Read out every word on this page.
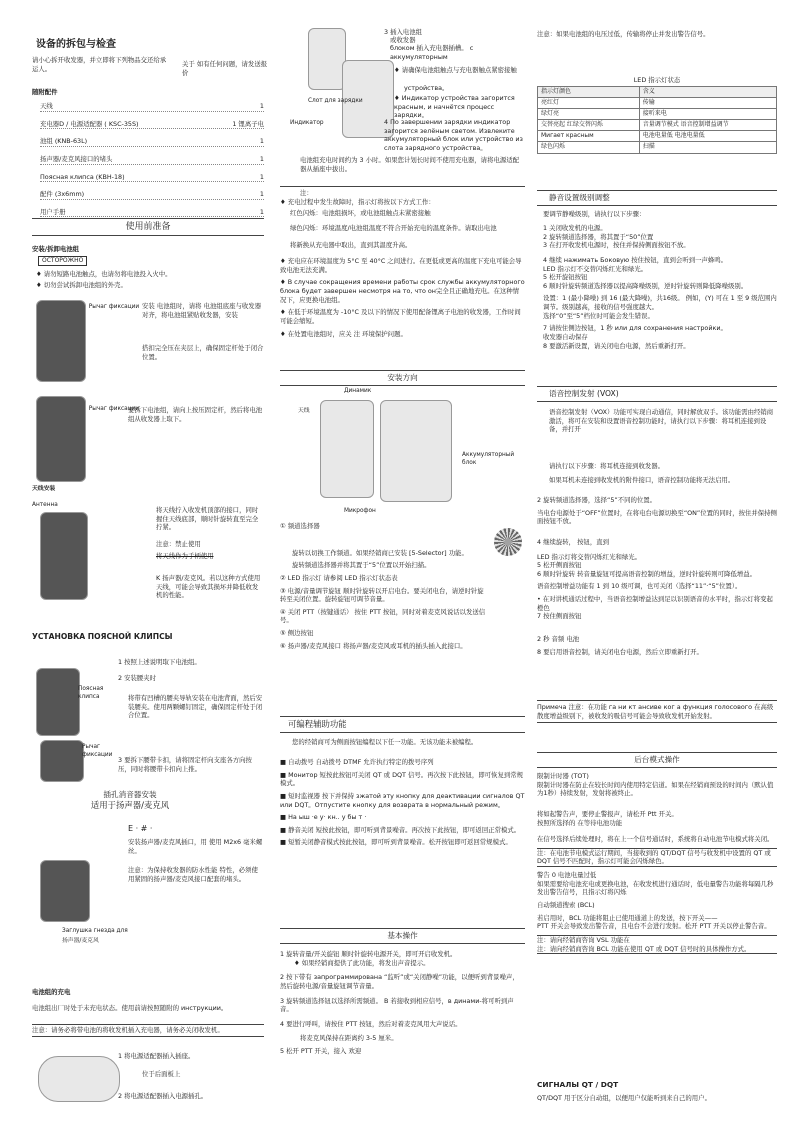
设备的拆包与检查
请小心拆开收发器，并立即将下列物品交还给承运人。
关于 如有任何问题，请发送报价
随附配件
天线	1
充电器D / 电源适配器 ( KSC-35S)	1 锂离子电
池组 (KNB-63L)	1
扬声器/麦克风接口的堵头	1
Поясная клипса (KBH-18)	1
配件 (3x6mm)	1
用户手册	1
使用前准备
安装/拆卸电池组
ОСТОРОЖНО
♦ 请勿短路电池触点，也请勿将电池投入火中。
♦ 切勿尝试拆卸电池组的外壳。
Рычаг фиксации 安装 电池组时，请将 电池组底座与收发器对齐，将电池组紧贴收发器，安装
搭扣完全压在夹层上，确保固定杆处于闭合位置。
Рычаг фиксации
要拆下电池组，请向上按压固定杆，然后将电池组从收发器上取下。
天线安装
Антенна
将天线拧入收发机顶部的接口，同时握住天线底部，顺时针旋转直至完全拧紧。
注意：禁止使用
将天线作为手柄使用
K 扬声器/麦克风。若以这种方式使用天线，可能会导致其损坏并降低收发机的性能。
УСТАНОВКА ПОЯСНОЙ КЛИПСЫ
1 按照上述说明取下电池组。
2 安装腰夹时
Поясная клипса	将带有凹槽的腰夹导轨安装在电池背面，然后安装腰夹。使用两颗螺钉固定，确保固定杆处于闭合位置。
Рычаг фиксации
3 要拆下腰带卡扣，请将固定杆向支座各方向按压，同时将腰带卡扣向上推。
插孔消音器安装
适用于扬声器/麦克风
E · # ·
安装扬声器/麦克风插口，用 使用 M2x6 毫米螺丝。
注意：为保持收发器的防水性能 特性，必须使用紧固的扬声器/麦克风接口配套的堵头。
Заглушка гнезда для
扬声器/麦克风
电池组的充电
电池组出厂时处于未充电状态。使用前请按照随附的 инструкции。
注意：请务必将带电池的将收发机插入充电器，请务必关闭收发机。
1 将电源适配器插入插座。
位于后面板上
2 将电源适配器插入电源插孔。
3 插入电池组
或收发器
блоком 插入充电器插槽。 с аккумуляторным
Слот для зарядки
Индикатор
♦ 请确保电池组触点与充电器触点紧密接触
устройства。
♦ Индикатор устройства загорится красным, и начнётся процесс зарядки。
4 По завершении зарядки индикатор загорится зелёным светом. Извлеките аккумуляторный блок или устройство из слота зарядного устройства。
电池组充电时间约为 3 小时。如果您计划长时间不使用充电器，请将电源适配器从插座中拔出。
注：
♦ 充电过程中发生故障时，指示灯将按以下方式工作：
红色闪烁：电池组损坏，或电池组触点未紧密接触
绿色闪烁：环境温度/电池组温度不符合开始充电的温度条件。请取出电池
将新换从充电器中取出，直到其温度升高。
♦ 充电应在环境温度为 5°C 至 40°C 之间进行。在更低或更高的温度下充电可能会导致电池无法充满。
♦ В случае сокращения времени работы срок службы аккумуляторного блока будет завершен несмотря на то, что он完全且正确地充电。在这种情况下，应更换电池组。
♦ 在低于环境温度为 -10°C 及以下的情况下使用配备锂离子电池的收发器，工作时间可能会缩短。
♦ 在处置电池组时，应关 注 环境保护问题。
安装方向
Динамик
天线
Аккумуляторный блок
Микрофон
① 频道选择器
旋转以切换工作频道。如果经销商已安装 [5-Selector] 功能。
旋转频道选择器并将其置于“5”位置以开始扫描。
② LED 指示灯 请参阅 LED 指示灯状态表
③ 电源/音量调节旋钮 顺时针旋转以开启电台。要关闭电台，请逆时针旋转至关闭位置。旋转旋钮可调节音量。
④ 关闭 PTT（按键通话） 按住 PTT 按钮，同时对着麦克风说话以发送信号。
⑤ 侧边按钮
⑥ 扬声器/麦克风接口 将扬声器/麦克风或耳机的插头插入此接口。
可编程辅助功能
您的经销商可为侧面按钮编程以下任一功能。无该功能未被编程。
■ 自动拨号 自动拨号 DTMF 允许执行特定的拨号序列
■ Монитор 短按此按钮可关闭 QT 或 DQT 信号。再次按下此按钮，即可恢复到常规模式。
■ 短时监视器 按下并保持 зжатой эту кнопку для деактивации сигналов QT или DQT。Отпустите кнопку для возврата в нормальный режим。
■ На ыш ·е у· кн.. у бы т ·
■ 静音关闭 短按此按钮，即可听到背景噪音。再次按下此按钮，即可返回正常模式。
■ 短暂关闭静音模式按此按钮，即可听到背景噪音。松开按钮即可返回常规模式。
基本操作
1 旋转音量/开关旋钮 顺时针旋转电源开关，即可开启收发机。
♦ 如果经销商提供了此功能，将发出声音提示。
2 按下带有 запрограммирована “监听”或“关闭静噪”功能，以便听到背景噪声，然后旋转电源/音量旋钮调节音量。
3 旋转频道选择钮以选择所需频道。 В 若接收到相应信号，в динами-将可听到声音。
4 要进行呼叫，请按住 PTT 按钮，然后对着麦克风用大声说话。
将麦克风保持在距离约 3-5 厘米。
5 松开 PTT 开关，接入 欢迎
注意：如果电池组的电压过低，传输将停止并发出警告信号。
LED 指示灯状态
指示灯颜色	含义
亮红灯	传输
绿灯亮	接听来电
交替亮起 红绿交替闪烁	音量调节模式 语音控制增益调节
Мигает красным	电池电量低 电池电量低
绿色闪烁	扫描
静音设置级别调整
要调节静噪级别，请执行以下步骤：
1 关闭收发机的电源。
2 旋转频道选择器，将其置于“50”位置
3 在打开收发机电源时，按住并保持侧面按钮不放。
4 继续 нажимать Боковую 按住按钮，直到会听到一声蜂鸣。
LED 指示灯不交替闪烁红光和绿光。
5 松开旋钮按钮
6 顺时针旋转频道选择器以提高降噪级别，逆时针旋转则降低降噪级别。
设置：1 (最小降噪) 到 16 (最大降噪)，共16级。 例如，(Y) 可在 1 至 9 级范围内调节。级别越高，接收的信号强度越大。
选择“0”至“5”档位时可能会发生错误。
7 请按住侧边按钮，1 秒 или для сохранения настройки。
收发器自动保存
8 要激活新设置，请关闭电台电源，然后重新打开。
语音控制发射 (VOX)
语音控制发射（VOX）功能可实现自动通信，同时解放双手。该功能需由经销商激活，将可在安装和设置语音控制功能时，请执行以下步骤：将耳机连接到设备，并打开
请执行以下步骤：将耳机连接到收发器。
如果耳机未连接到收发机的附件接口，语音控制功能将无法启用。
2 旋转频道选择器，选择“5”不同的位置。
当电台电源处于“OFF”位置时，在将电台电源切换至“ON”位置的同时，按住并保持侧面按钮不放。
4 继续旋转， 按钮，直到
LED 指示灯将交替闪烁红光和绿光。
5 松开侧面按钮
6 顺时针旋转 转音量旋钮可提高语音控制的增益，逆时针旋转则可降低增益。
语音控制增益功能有 1 到 10 级可调，也可关闭（选择“11”·“5”位置）。
• 在对讲机通话过程中，当语音控制增益达到足以识别语音的水平时，指示灯将变起橙色
7 按住侧面按钮
2 秒 音频 电池
8 要启用语音控制，请关闭电台电源，然后立即重新打开。
Примеча 注意：在功能 га ни кт ансиве ког а функция голосового 在高级散度增益级别下，被收发的吸信号可能会导致收发机开始发射。
后台模式操作
限制计时器 (TOT)
限制计时器在防止在较长时间内使用特定信道。如果在经销商预设的时间内（默认值为1秒）持续发射，发射将被终止。
将如起警告声，要停止警报声，请松开 Ptt 开关。
按照所选择的 在等待电池功能
在信号选择后续处理时，将在上一个信号通话时，系统将自动电池节电模式将关闭。
注：在电池节电模式运行期间，当接收到的 QT/DQT 信号与收发机中设置的 QT 或 DQT 信号不匹配时，指示灯可能会闪烁绿色。
警告 0 电池电量过低
如果需要给电池充电或更换电池，在收发机进行通话时，低电量警告功能将每隔几秒发出警告信号，且指示灯将闪烁
自动频道搜索 (BCL)
若启用时，BCL 功能将阻止已使用通道上的发送，按下开关——
PTT 开关会导致发出警告音，且电台不会进行发射。松开 PTT 开关以停止警告音。
注：请向经销商咨询 VSL 功能在
注：请向经销商咨询 BCL 功能在使用 QT 或 DQT 信号时的具体操作方式。
СИГНАЛЫ QT / DQT
QT/DQT 用于区分自动组，以便用户仅能听到来自己的用户。
